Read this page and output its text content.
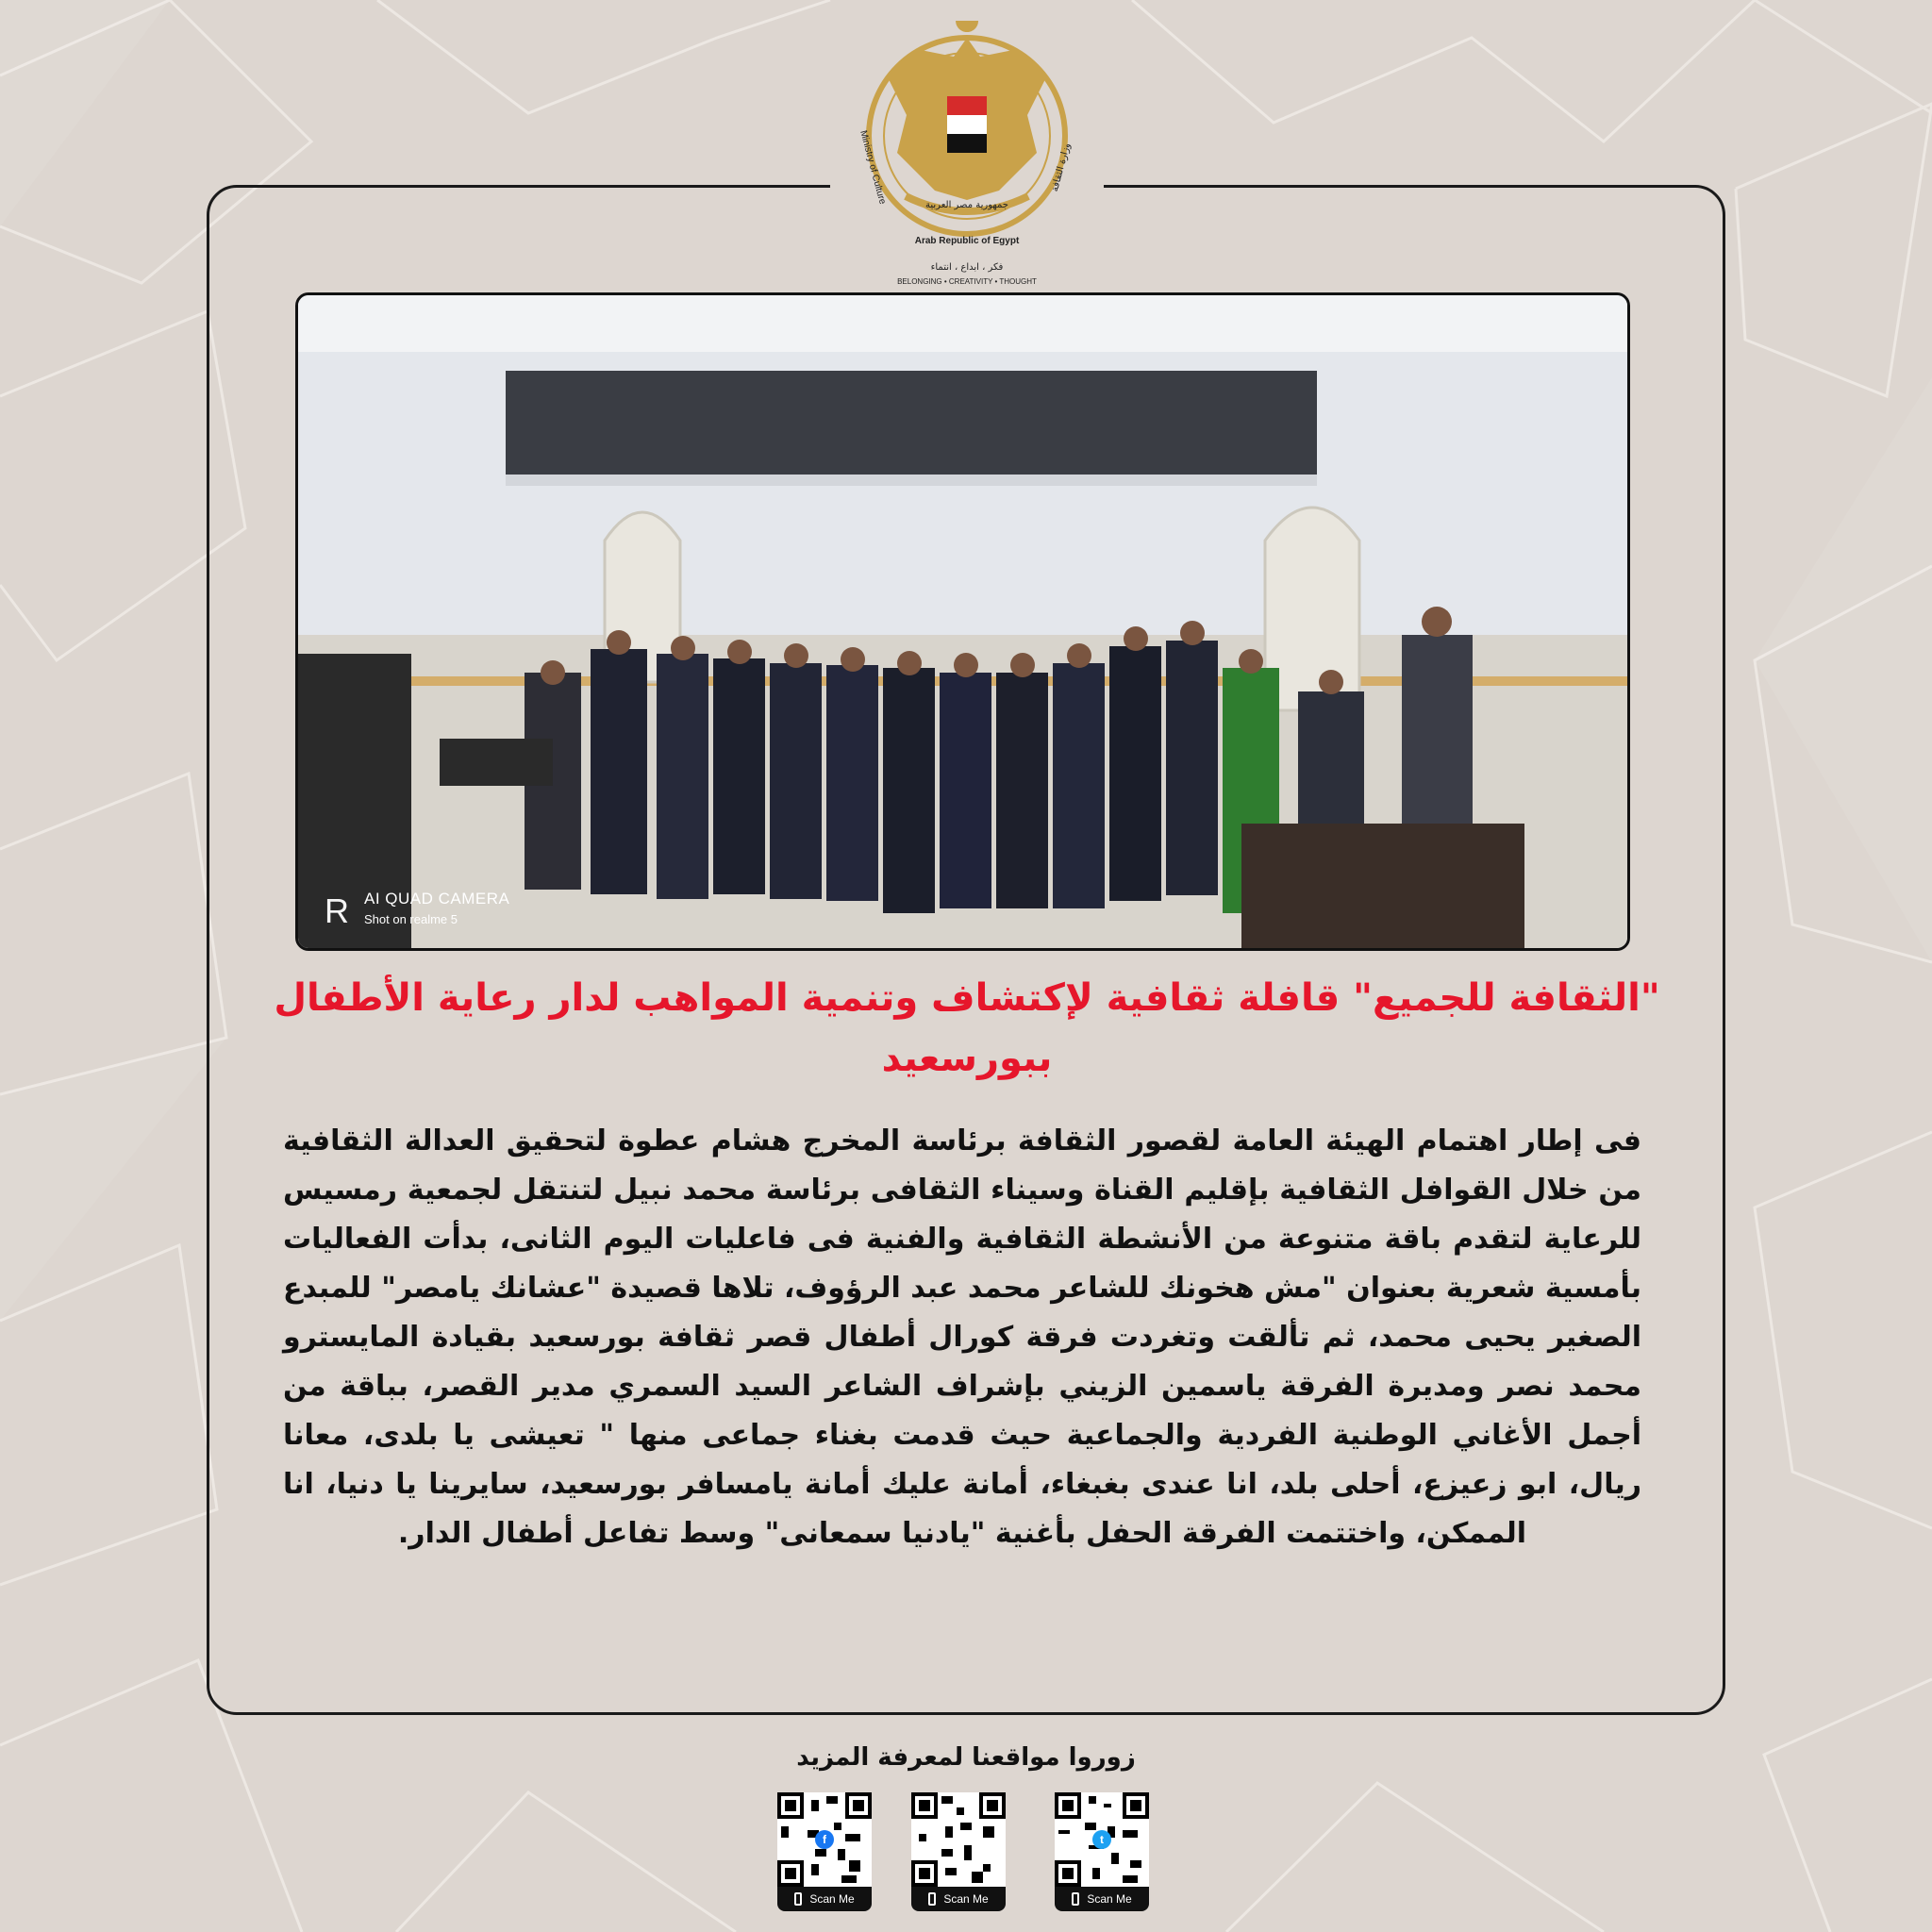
Arab Republic of Egypt
جمهورية مصر العربية
Ministry of Culture	وزارة الثقافة
فكر ، ابداع ، انتماء
BELONGING • CREATIVITY • THOUGHT
R AI QUAD CAMERA
Shot on realme 5
"الثقافة للجميع" قافلة ثقافية لإكتشاف وتنمية المواهب لدار رعاية الأطفال ببورسعيد
فى إطار اهتمام الهيئة العامة لقصور الثقافة برئاسة المخرج هشام عطوة لتحقيق العدالة الثقافية من خلال القوافل الثقافية بإقليم القناة وسيناء الثقافى برئاسة محمد نبيل لتنتقل لجمعية رمسيس للرعاية لتقدم باقة متنوعة من الأنشطة الثقافية والفنية فى فاعليات اليوم الثانى، بدأت الفعاليات بأمسية شعرية بعنوان "مش هخونك للشاعر محمد عبد الرؤوف، تلاها قصيدة "عشانك يامصر" للمبدع الصغير يحيى محمد، ثم تألقت وتغردت فرقة كورال أطفال قصر ثقافة بورسعيد بقيادة المايسترو محمد نصر ومديرة الفرقة ياسمين الزيني بإشراف الشاعر السيد السمري مدير القصر، بباقة من أجمل الأغاني الوطنية الفردية والجماعية حيث قدمت بغناء جماعى منها " تعيشى يا بلدى، معانا ريال، ابو زعيزع، أحلى بلد، انا عندى بغبغاء، أمانة عليك أمانة يامسافر بورسعيد، سايرينا يا دنيا، انا الممكن، واختتمت الفرقة الحفل بأغنية "يادنيا سمعانى" وسط تفاعل أطفال الدار.
زوروا مواقعنا لمعرفة المزيد
t
Scan Me
Scan Me
f
Scan Me
